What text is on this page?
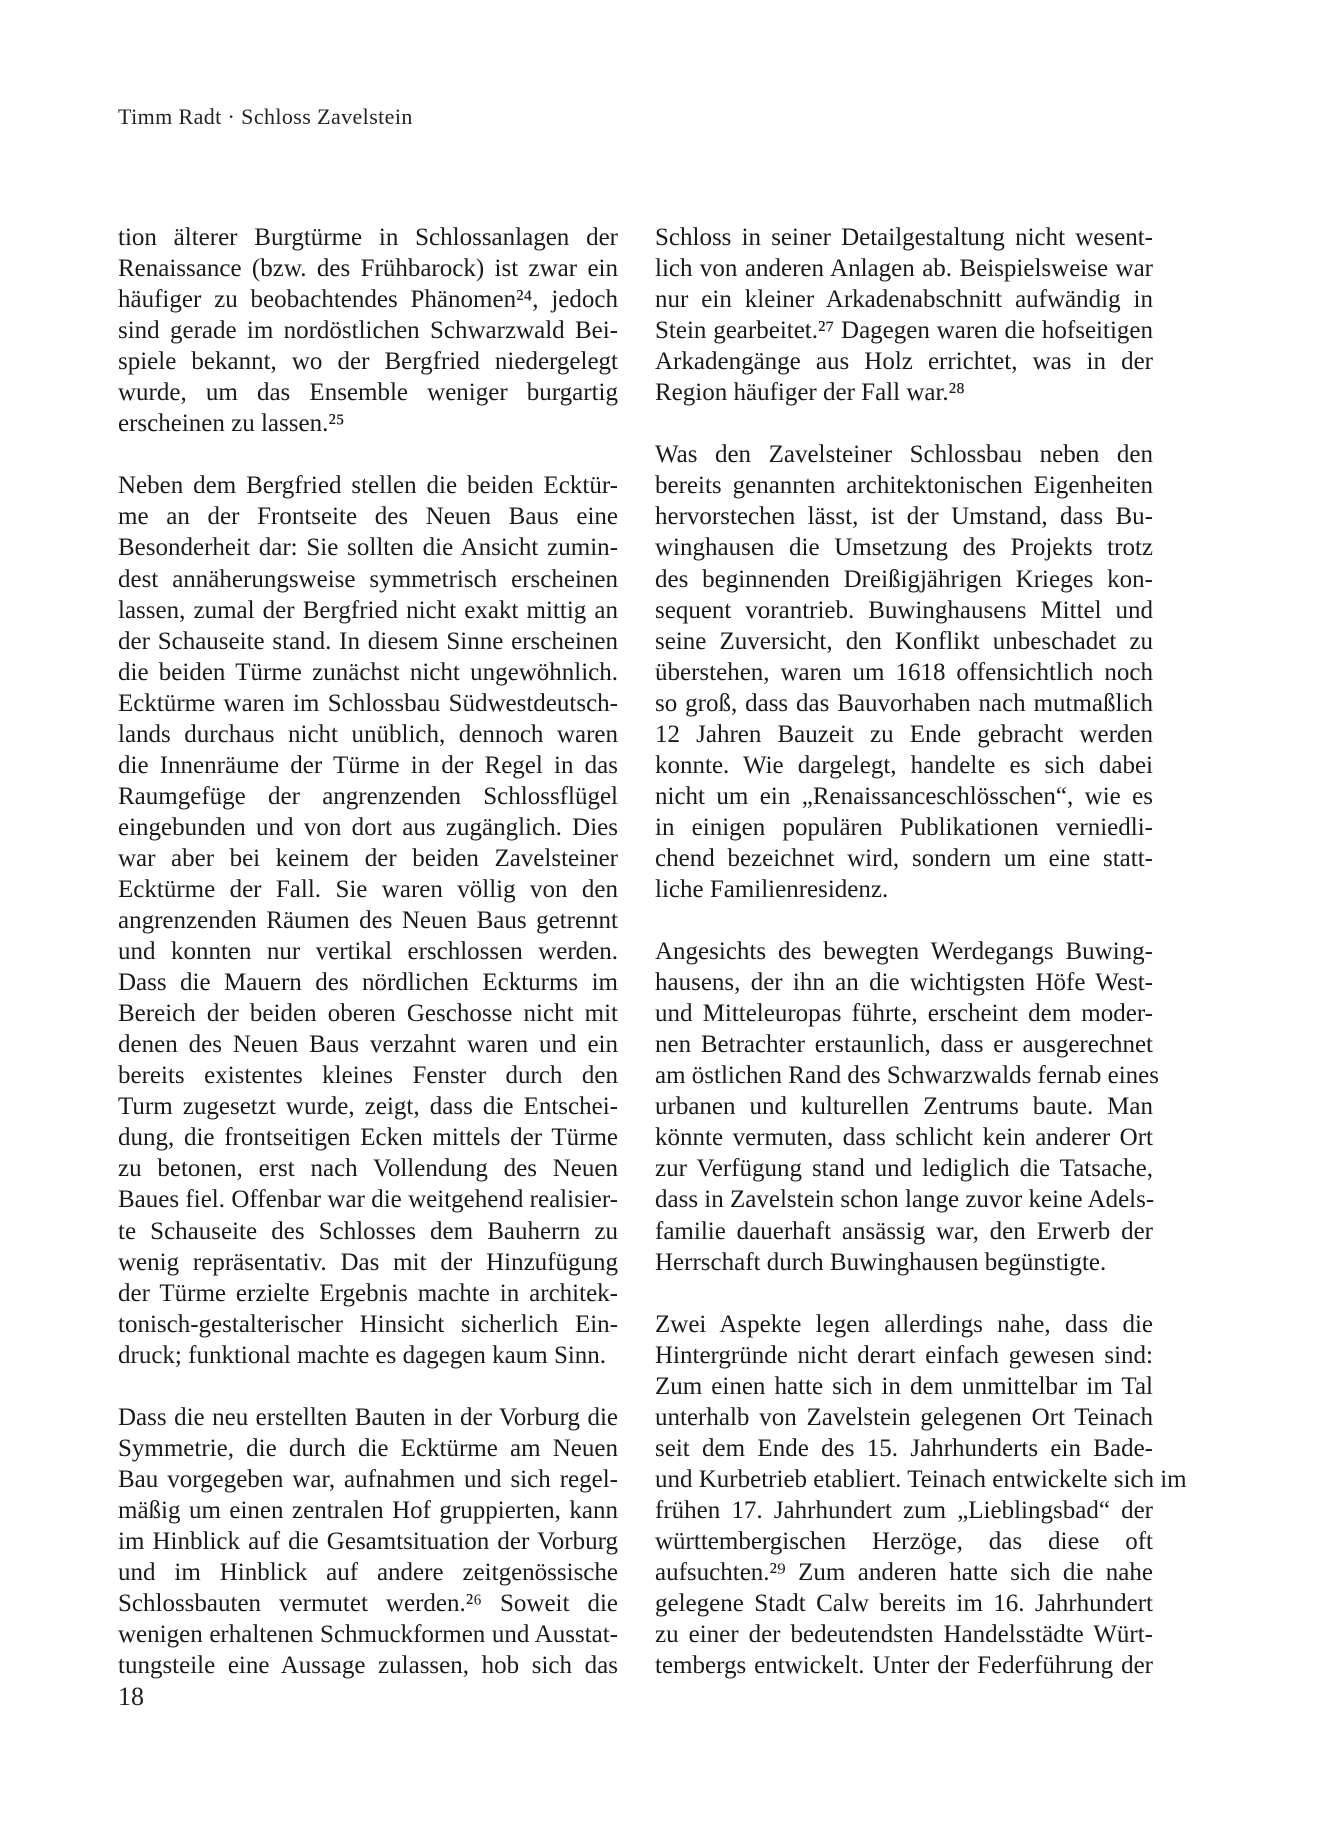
Timm Radt · Schloss Zavelstein
tion älterer Burgtürme in Schlossanlagen der
Renaissance (bzw. des Frühbarock) ist zwar ein
häufiger zu beobachtendes Phänomen²⁴, jedoch
sind gerade im nordöstlichen Schwarzwald Bei-
spiele bekannt, wo der Bergfried niedergelegt
wurde, um das Ensemble weniger burgartig
erscheinen zu lassen.²⁵
Neben dem Bergfried stellen die beiden Ecktür-
me an der Frontseite des Neuen Baus eine
Besonderheit dar: Sie sollten die Ansicht zumin-
dest annäherungsweise symmetrisch erscheinen
lassen, zumal der Bergfried nicht exakt mittig an
der Schauseite stand. In diesem Sinne erscheinen
die beiden Türme zunächst nicht ungewöhnlich.
Ecktürme waren im Schlossbau Südwestdeutsch-
lands durchaus nicht unüblich, dennoch waren
die Innenräume der Türme in der Regel in das
Raumgefüge der angrenzenden Schlossflügel
eingebunden und von dort aus zugänglich. Dies
war aber bei keinem der beiden Zavelsteiner
Ecktürme der Fall. Sie waren völlig von den
angrenzenden Räumen des Neuen Baus getrennt
und konnten nur vertikal erschlossen werden.
Dass die Mauern des nördlichen Eckturms im
Bereich der beiden oberen Geschosse nicht mit
denen des Neuen Baus verzahnt waren und ein
bereits existentes kleines Fenster durch den
Turm zugesetzt wurde, zeigt, dass die Entschei-
dung, die frontseitigen Ecken mittels der Türme
zu betonen, erst nach Vollendung des Neuen
Baues fiel. Offenbar war die weitgehend realisier-
te Schauseite des Schlosses dem Bauherrn zu
wenig repräsentativ. Das mit der Hinzufügung
der Türme erzielte Ergebnis machte in architek-
tonisch-gestalterischer Hinsicht sicherlich Ein-
druck; funktional machte es dagegen kaum Sinn.
Dass die neu erstellten Bauten in der Vorburg die
Symmetrie, die durch die Ecktürme am Neuen
Bau vorgegeben war, aufnahmen und sich regel-
mäßig um einen zentralen Hof gruppierten, kann
im Hinblick auf die Gesamtsituation der Vorburg
und im Hinblick auf andere zeitgenössische
Schlossbauten vermutet werden.²⁶ Soweit die
wenigen erhaltenen Schmuckformen und Ausstat-
tungsteile eine Aussage zulassen, hob sich das
Schloss in seiner Detailgestaltung nicht wesent-
lich von anderen Anlagen ab. Beispielsweise war
nur ein kleiner Arkadenabschnitt aufwändig in
Stein gearbeitet.²⁷ Dagegen waren die hofseitigen
Arkadengänge aus Holz errichtet, was in der
Region häufiger der Fall war.²⁸
Was den Zavelsteiner Schlossbau neben den
bereits genannten architektonischen Eigenheiten
hervorstechen lässt, ist der Umstand, dass Bu-
winghausen die Umsetzung des Projekts trotz
des beginnenden Dreißigjährigen Krieges kon-
sequent vorantrieb. Buwinghausens Mittel und
seine Zuversicht, den Konflikt unbeschadet zu
überstehen, waren um 1618 offensichtlich noch
so groß, dass das Bauvorhaben nach mutmaßlich
12 Jahren Bauzeit zu Ende gebracht werden
konnte. Wie dargelegt, handelte es sich dabei
nicht um ein „Renaissanceschlösschen“, wie es
in einigen populären Publikationen verniedli-
chend bezeichnet wird, sondern um eine statt-
liche Familienresidenz.
Angesichts des bewegten Werdegangs Buwing-
hausens, der ihn an die wichtigsten Höfe West-
und Mitteleuropas führte, erscheint dem moder-
nen Betrachter erstaunlich, dass er ausgerechnet
am östlichen Rand des Schwarzwalds fernab eines
urbanen und kulturellen Zentrums baute. Man
könnte vermuten, dass schlicht kein anderer Ort
zur Verfügung stand und lediglich die Tatsache,
dass in Zavelstein schon lange zuvor keine Adels-
familie dauerhaft ansässig war, den Erwerb der
Herrschaft durch Buwinghausen begünstigte.
Zwei Aspekte legen allerdings nahe, dass die
Hintergründe nicht derart einfach gewesen sind:
Zum einen hatte sich in dem unmittelbar im Tal
unterhalb von Zavelstein gelegenen Ort Teinach
seit dem Ende des 15. Jahrhunderts ein Bade-
und Kurbetrieb etabliert. Teinach entwickelte sich im
frühen 17. Jahrhundert zum „Lieblingsbad“ der
württembergischen Herzöge, das diese oft
aufsuchten.²⁹ Zum anderen hatte sich die nahe
gelegene Stadt Calw bereits im 16. Jahrhundert
zu einer der bedeutendsten Handelsstädte Würt-
tembergs entwickelt. Unter der Federführung der
18
